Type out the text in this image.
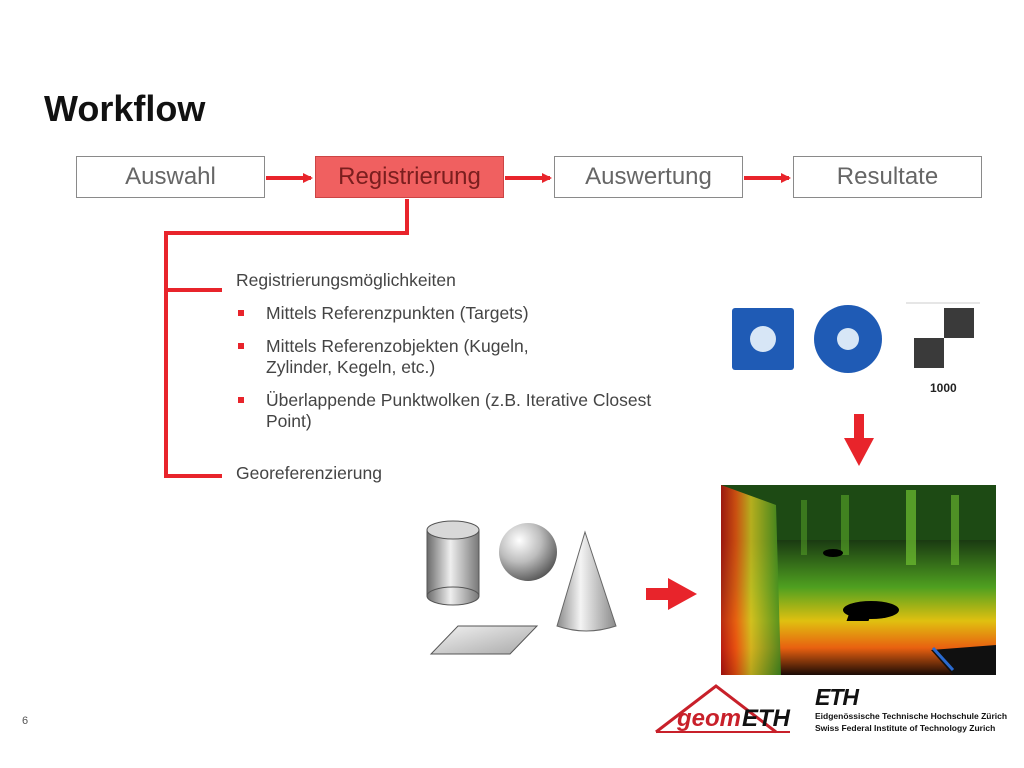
Workflow
Auswahl	Registrierung	Auswertung	Resultate
geom ETH
Registrierungsmöglichkeiten
Mittels Referenzpunkten (Targets)
Mittels Referenzobjekten (Kugeln, Zylinder, Kegeln, etc.)
Überlappende Punktwolken (z.B. Iterative Closest Point)
Georeferenzierung
1000
ETH
Eidgenössische Technische Hochschule Zürich
Swiss Federal Institute of Technology Zurich
6
